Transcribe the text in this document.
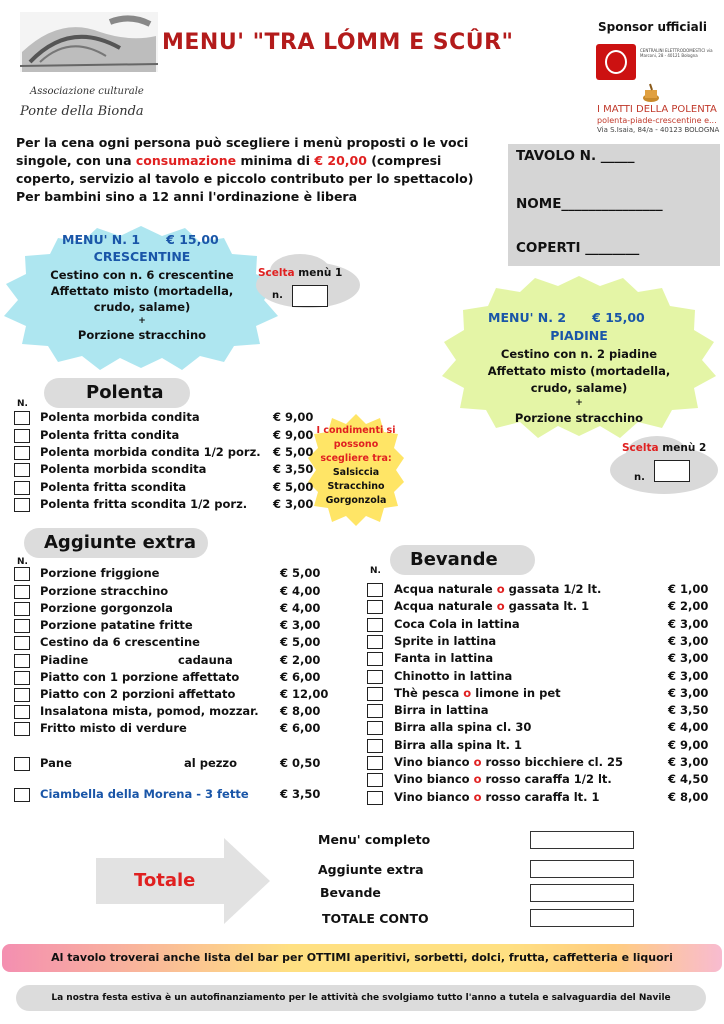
MENU' "TRA LÓMM E SCÛR"
Associazione culturale
Ponte della Bionda
Sponsor ufficiali
CENTRALINI ELETTRODOMESTICI via Marconi, 28 - 40121 Bologna
I MATTI DELLA POLENTA
polenta-piade-crescentine e...
Via S.Isaia, 84/a - 40123 BOLOGNA
Per la cena ogni persona può scegliere i menù proposti o le voci
singole, con una consumazione minima di € 20,00 (compresi
coperto, servizio al tavolo e piccolo contributo per lo spettacolo)
Per bambini sino a 12 anni l'ordinazione è libera
TAVOLO N. _____
NOME_______________
COPERTI ________
MENU' N. 1      € 15,00
CRESCENTINE
Cestino con n. 6 crescentine
Affettato misto (mortadella,
crudo, salame)
+
Porzione stracchino
Scelta menù 1
n.
MENU' N. 2      € 15,00
PIADINE
Cestino con n. 2 piadine
Affettato misto (mortadella,
crudo, salame)
+
Porzione stracchino
Scelta menù 2
n.
I condimenti si
possono
scegliere tra:
Salsiccia
Stracchino
Gorgonzola
Polenta
N.
Polenta morbida condita	€ 9,00
Polenta fritta condita	€ 9,00
Polenta morbida condita 1/2 porz. € 5,00
Polenta morbida scondita	€ 3,50
Polenta fritta scondita	€ 5,00
Polenta fritta scondita 1/2 porz. € 3,00
Aggiunte extra
N.
Porzione friggione	€ 5,00
Porzione stracchino	€ 4,00
Porzione gorgonzola	€ 4,00
Porzione patatine fritte	€ 3,00
Cestino da 6 crescentine	€ 5,00
Piadine	cadauna	€ 2,00
Piatto con 1 porzione affettato	€ 6,00
Piatto con 2 porzioni affettato	€ 12,00
Insalatona mista, pomod, mozzar. € 8,00
Fritto misto di verdure	€ 6,00
Pane	al pezzo	€ 0,50
Ciambella della Morena - 3 fette	€ 3,50
Bevande
N.
Acqua naturale o gassata 1/2 lt.	€ 1,00
Acqua naturale o gassata lt. 1	€ 2,00
Coca Cola in lattina	€ 3,00
Sprite in lattina	€ 3,00
Fanta in lattina	€ 3,00
Chinotto in lattina	€ 3,00
Thè pesca o limone in pet	€ 3,00
Birra in lattina	€ 3,50
Birra alla spina cl. 30	€ 4,00
Birra alla spina lt. 1	€ 9,00
Vino bianco o rosso bicchiere cl. 25	€ 3,00
Vino bianco o rosso caraffa 1/2 lt.	€ 4,50
Vino bianco o rosso caraffa lt. 1	€ 8,00
Totale
Menu' completo
Aggiunte extra
Bevande
TOTALE CONTO
Al tavolo troverai anche lista del bar per OTTIMI aperitivi, sorbetti, dolci, frutta, caffetteria e liquori
La nostra festa estiva è un autofinanziamento per le attività che svolgiamo tutto l'anno a tutela e salvaguardia del Navile
